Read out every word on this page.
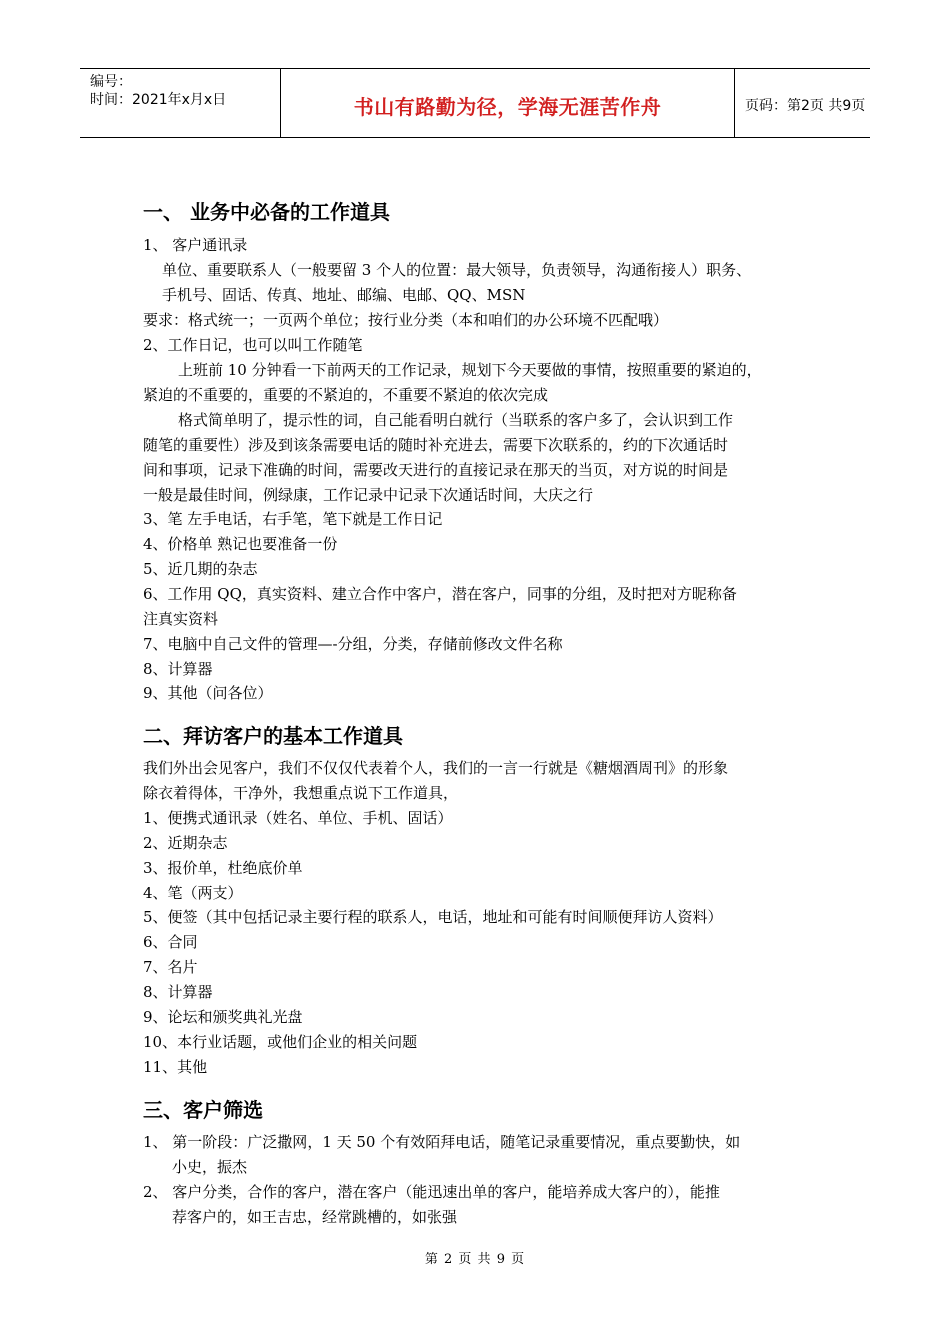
编号：
时间：2021年x月x日	书山有路勤为径，学海无涯苦作舟	页码：第2页 共9页
一、 业务中必备的工作道具
1、 客户通讯录
单位、重要联系人（一般要留 3 个人的位置：最大领导，负责领导，沟通衔接人）职务、
手机号、固话、传真、地址、邮编、电邮、QQ、MSN
要求：格式统一；一页两个单位；按行业分类（本和咱们的办公环境不匹配哦）
2、工作日记，也可以叫工作随笔
上班前 10 分钟看一下前两天的工作记录，规划下今天要做的事情，按照重要的紧迫的，
紧迫的不重要的，重要的不紧迫的，不重要不紧迫的依次完成
格式简单明了，提示性的词，自己能看明白就行（当联系的客户多了，会认识到工作
随笔的重要性）涉及到该条需要电话的随时补充进去，需要下次联系的，约的下次通话时
间和事项，记录下准确的时间，需要改天进行的直接记录在那天的当页，对方说的时间是
一般是最佳时间，例绿康，工作记录中记录下次通话时间，大庆之行
3、笔 左手电话，右手笔，笔下就是工作日记
4、价格单 熟记也要准备一份
5、近几期的杂志
6、工作用 QQ，真实资料、建立合作中客户，潜在客户，同事的分组，及时把对方昵称备
注真实资料
7、电脑中自己文件的管理—-分组，分类，存储前修改文件名称
8、计算器
9、其他（问各位）
二、拜访客户的基本工作道具
我们外出会见客户，我们不仅仅代表着个人，我们的一言一行就是《糖烟酒周刊》的形象
除衣着得体，干净外，我想重点说下工作道具，
1、便携式通讯录（姓名、单位、手机、固话）
2、近期杂志
3、报价单，杜绝底价单
4、笔（两支）
5、便签（其中包括记录主要行程的联系人，电话，地址和可能有时间顺便拜访人资料）
6、合同
7、名片
8、计算器
9、论坛和颁奖典礼光盘
10、本行业话题，或他们企业的相关问题
11、其他
三、客户筛选
1、 第一阶段：广泛撒网，1 天 50 个有效陌拜电话，随笔记录重要情况，重点要勤快，如
小史，振杰
2、 客户分类，合作的客户，潜在客户（能迅速出单的客户，能培养成大客户的），能推
荐客户的，如王吉忠，经常跳槽的，如张强
第 2 页 共 9 页
